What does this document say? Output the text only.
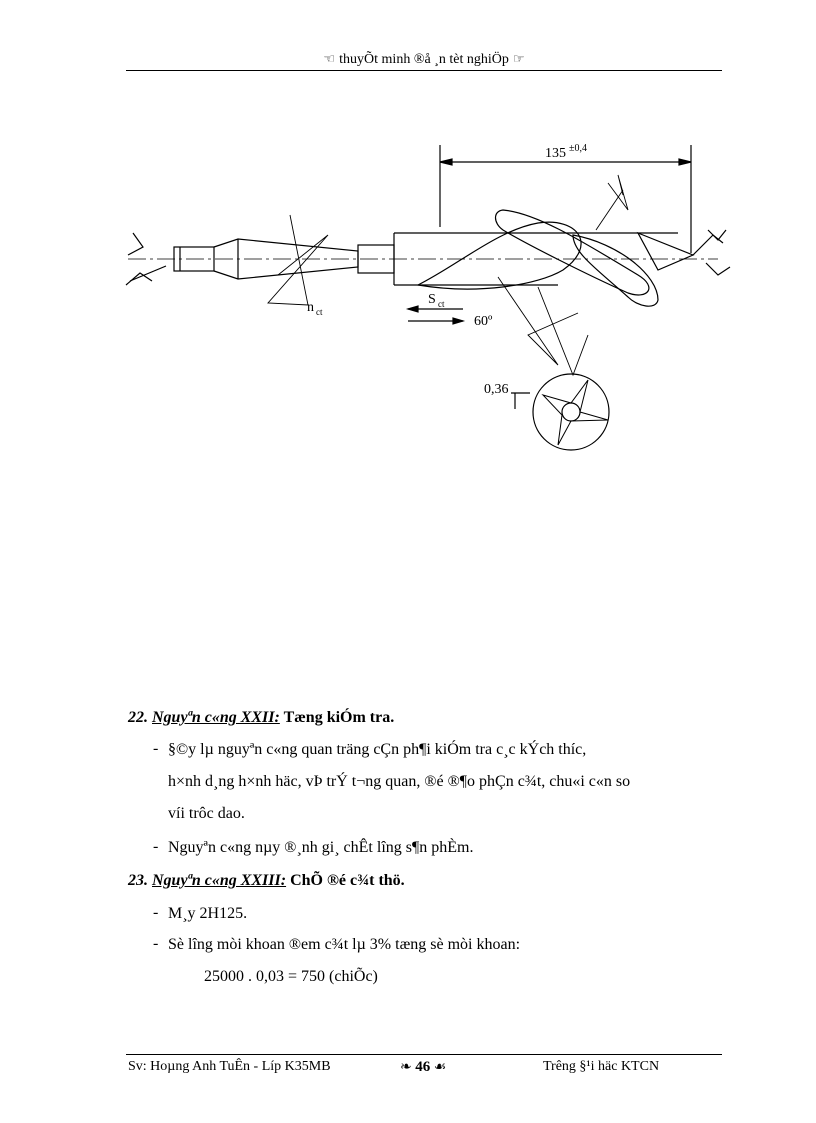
☜ thuyÕt minh ®å ¸n tèt nghiÖp ☞
135 ±0,4
n ct
S ct
60º
0,36
22. Nguyªn c«ng XXII: Tæng kiÓm tra.
- §©y lµ nguyªn c«ng quan träng cÇn ph¶i kiÓm tra c¸c kÝch thíc,
h×nh d¸ng h×nh häc, vÞ trÝ t¬ng quan, ®é ®¶o phÇn c¾t, chu«i c«n so
víi trôc dao.
- Nguyªn c«ng nµy ®¸nh gi¸ chÊt lîng s¶n phÈm.
23. Nguyªn c«ng XXIII: ChÕ ®é c¾t thö.
- M¸y 2H125.
- Sè lîng mòi khoan ®em c¾t lµ 3% tæng sè mòi khoan:
25000 . 0,03 = 750 (chiÕc)
Sv: Hoµng Anh TuÊn - Líp K35MB	❧ 46 ☙	Trêng §¹i häc KTCN
